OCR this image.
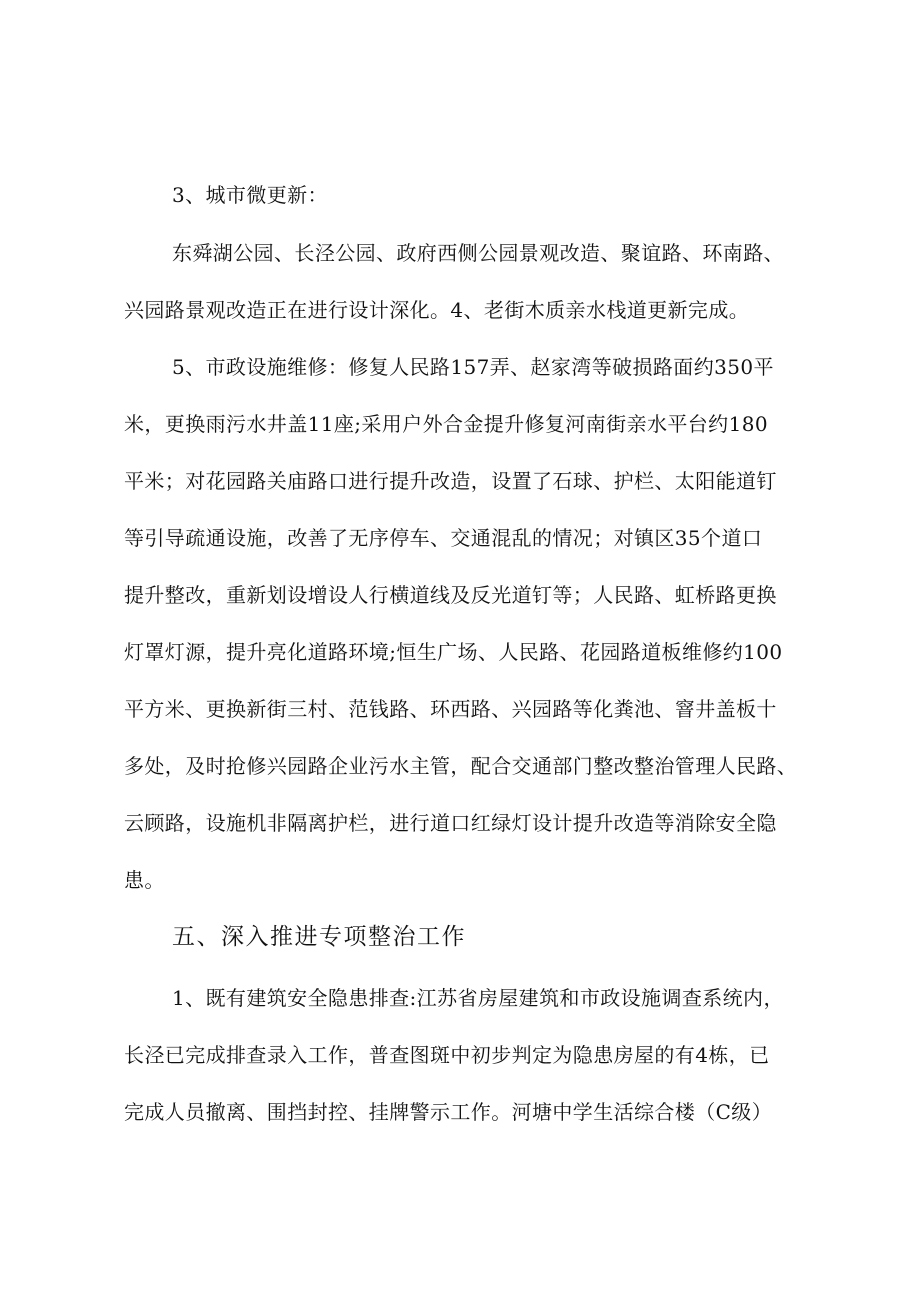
3、城市微更新：

东舜湖公园、长泾公园、政府西侧公园景观改造、聚谊路、环南路、

兴园路景观改造正在进行设计深化。4、老街木质亲水栈道更新完成。

5、市政设施维修：修复人民路157弄、赵家湾等破损路面约350平
米，更换雨污水井盖11座;采用户外合金提升修复河南街亲水平台约180
平米；对花园路关庙路口进行提升改造，设置了石球、护栏、太阳能道钉
等引导疏通设施，改善了无序停车、交通混乱的情况；对镇区35个道口
提升整改，重新划设增设人行横道线及反光道钉等；人民路、虹桥路更换
灯罩灯源，提升亮化道路环境;恒生广场、人民路、花园路道板维修约100
平方米、更换新街三村、范钱路、环西路、兴园路等化粪池、窨井盖板十
多处，及时抢修兴园路企业污水主管，配合交通部门整改整治管理人民路、
云顾路，设施机非隔离护栏，进行道口红绿灯设计提升改造等消除安全隐
患。
五、深入推进专项整治工作
1、既有建筑安全隐患排查:江苏省房屋建筑和市政设施调查系统内，
长泾已完成排查录入工作，普查图斑中初步判定为隐患房屋的有4栋，已
完成人员撤离、围挡封控、挂牌警示工作。河塘中学生活综合楼（C级）
